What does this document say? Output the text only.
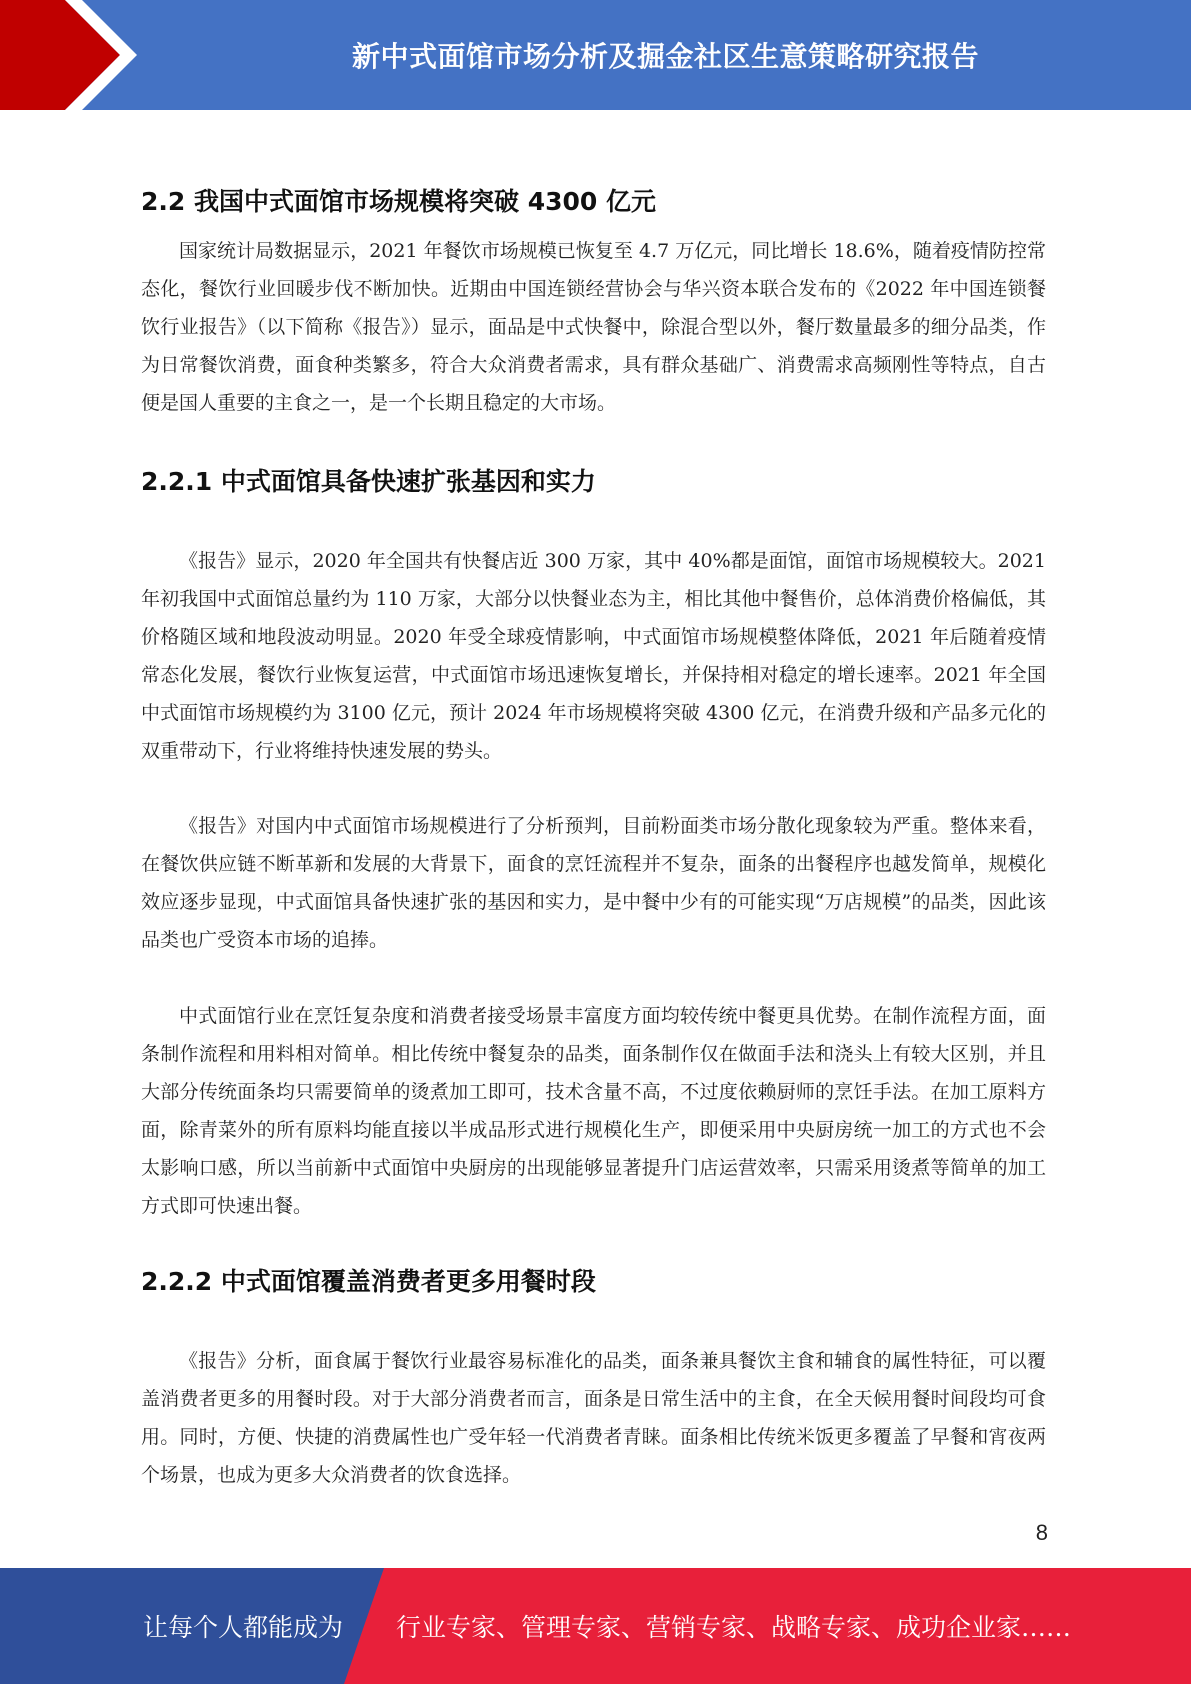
新中式面馆市场分析及掘金社区生意策略研究报告
2.2 我国中式面馆市场规模将突破 4300 亿元

国家统计局数据显示，2021 年餐饮市场规模已恢复至 4.7 万亿元，同比增长 18.6%，随着疫情防控常态化，餐饮行业回暖步伐不断加快。近期由中国连锁经营协会与华兴资本联合发布的《2022 年中国连锁餐饮行业报告》（以下简称《报告》）显示，面品是中式快餐中，除混合型以外，餐厅数量最多的细分品类，作为日常餐饮消费，面食种类繁多，符合大众消费者需求，具有群众基础广、消费需求高频刚性等特点，自古便是国人重要的主食之一，是一个长期且稳定的大市场。

2.2.1 中式面馆具备快速扩张基因和实力

《报告》显示，2020 年全国共有快餐店近 300 万家，其中 40%都是面馆，面馆市场规模较大。2021 年初我国中式面馆总量约为 110 万家，大部分以快餐业态为主，相比其他中餐售价，总体消费价格偏低，其价格随区域和地段波动明显。2020 年受全球疫情影响，中式面馆市场规模整体降低，2021 年后随着疫情常态化发展，餐饮行业恢复运营，中式面馆市场迅速恢复增长，并保持相对稳定的增长速率。2021 年全国中式面馆市场规模约为 3100 亿元，预计 2024 年市场规模将突破 4300 亿元，在消费升级和产品多元化的双重带动下，行业将维持快速发展的势头。

《报告》对国内中式面馆市场规模进行了分析预判，目前粉面类市场分散化现象较为严重。整体来看，在餐饮供应链不断革新和发展的大背景下，面食的烹饪流程并不复杂，面条的出餐程序也越发简单，规模化效应逐步显现，中式面馆具备快速扩张的基因和实力，是中餐中少有的可能实现“万店规模”的品类，因此该品类也广受资本市场的追捧。

中式面馆行业在烹饪复杂度和消费者接受场景丰富度方面均较传统中餐更具优势。在制作流程方面，面条制作流程和用料相对简单。相比传统中餐复杂的品类，面条制作仅在做面手法和浇头上有较大区别，并且大部分传统面条均只需要简单的烫煮加工即可，技术含量不高，不过度依赖厨师的烹饪手法。在加工原料方面，除青菜外的所有原料均能直接以半成品形式进行规模化生产，即便采用中央厨房统一加工的方式也不会太影响口感，所以当前新中式面馆中央厨房的出现能够显著提升门店运营效率，只需采用烫煮等简单的加工方式即可快速出餐。

2.2.2 中式面馆覆盖消费者更多用餐时段

《报告》分析，面食属于餐饮行业最容易标准化的品类，面条兼具餐饮主食和辅食的属性特征，可以覆盖消费者更多的用餐时段。对于大部分消费者而言，面条是日常生活中的主食，在全天候用餐时间段均可食用。同时，方便、快捷的消费属性也广受年轻一代消费者青睐。面条相比传统米饭更多覆盖了早餐和宵夜两个场景，也成为更多大众消费者的饮食选择。

8
让每个人都能成为 行业专家、管理专家、营销专家、战略专家、成功企业家……
